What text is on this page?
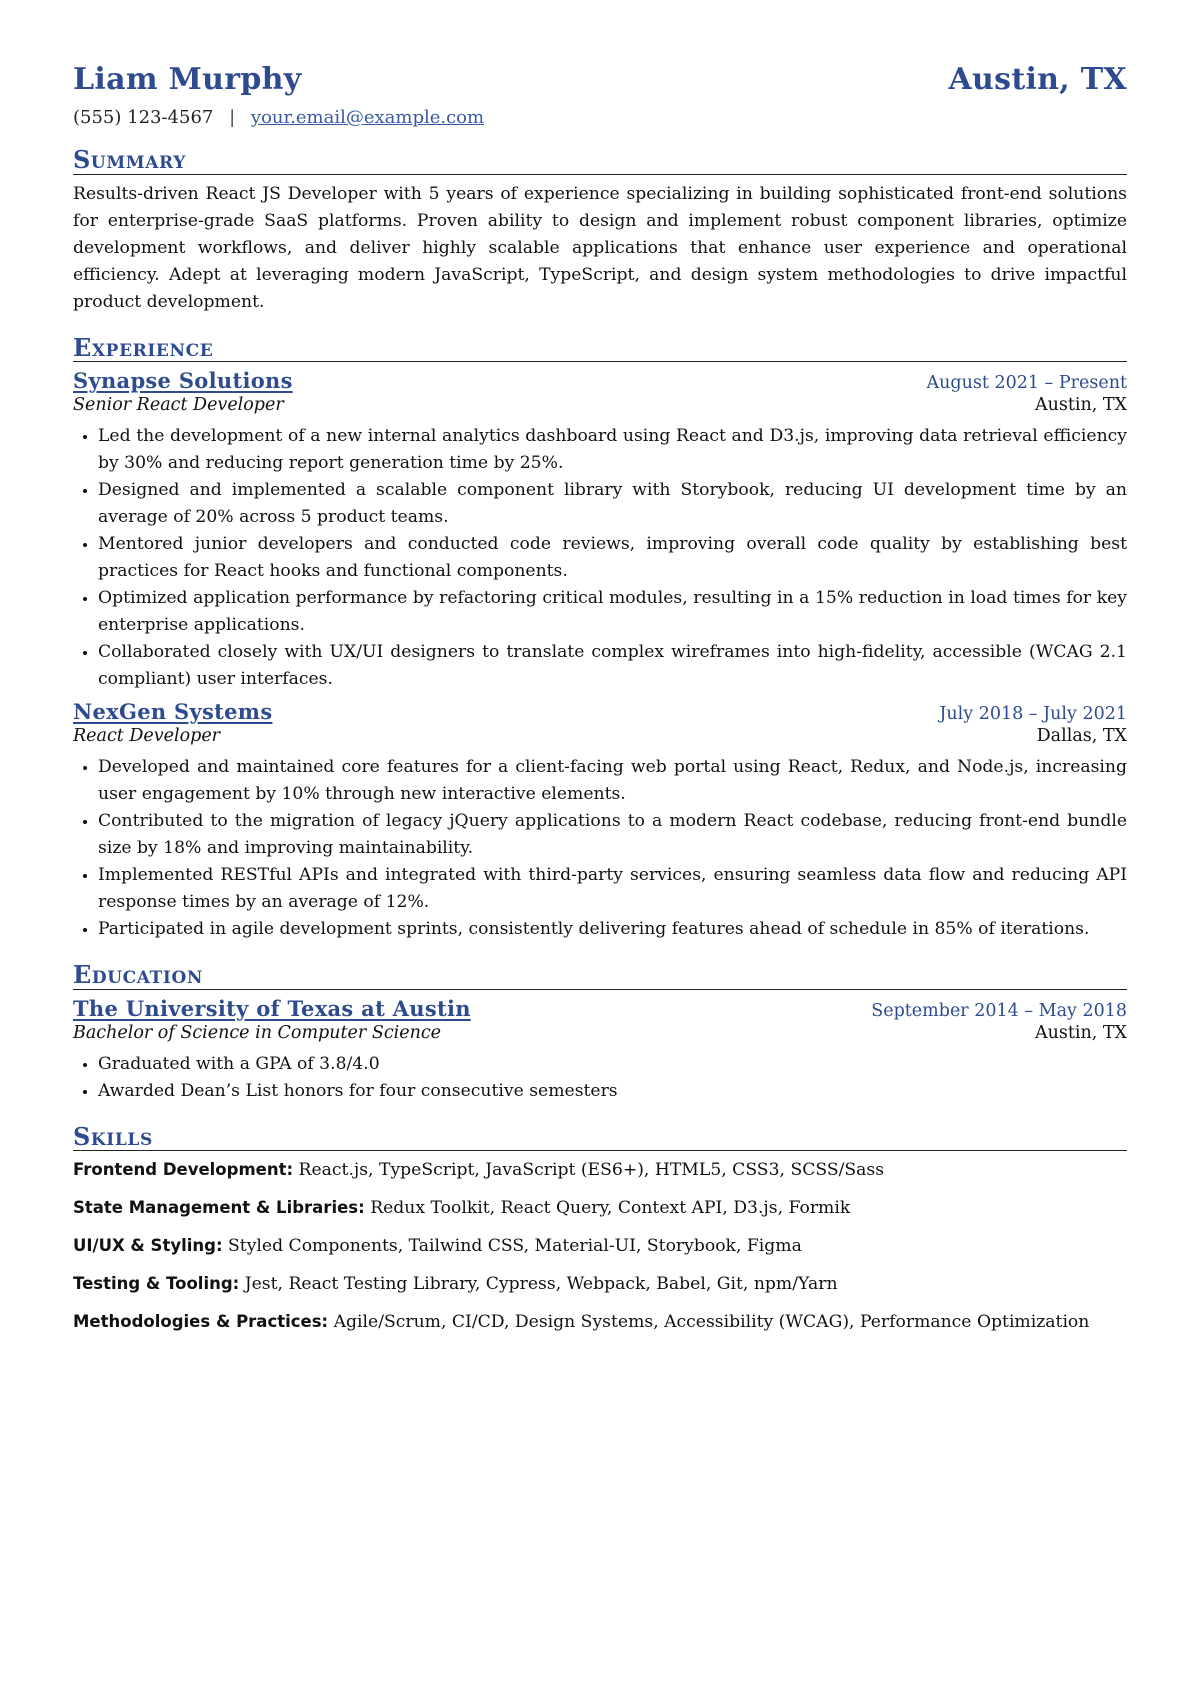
Liam Murphy	Austin, TX
(555) 123-4567 | your.email@example.com
Summary

Results-driven React JS Developer with 5 years of experience specializing in building sophisticated front-end solutions for enterprise-grade SaaS platforms. Proven ability to design and implement robust component libraries, optimize development workflows, and deliver highly scalable applications that enhance user experience and operational efficiency. Adept at leveraging modern JavaScript, TypeScript, and design system methodologies to drive impactful product development.

Experience
Synapse Solutions	August 2021 – Present
Senior React Developer	Austin, TX
• Led the development of a new internal analytics dashboard using React and D3.js, improving data retrieval efficiency by 30% and reducing report generation time by 25%.
• Designed and implemented a scalable component library with Storybook, reducing UI development time by an average of 20% across 5 product teams.
• Mentored junior developers and conducted code reviews, improving overall code quality by establishing best practices for React hooks and functional components.
• Optimized application performance by refactoring critical modules, resulting in a 15% reduction in load times for key enterprise applications.
• Collaborated closely with UX/UI designers to translate complex wireframes into high-fidelity, accessible (WCAG 2.1 compliant) user interfaces.
NexGen Systems	July 2018 – July 2021
React Developer	Dallas, TX
• Developed and maintained core features for a client-facing web portal using React, Redux, and Node.js, increasing user engagement by 10% through new interactive elements.
• Contributed to the migration of legacy jQuery applications to a modern React codebase, reducing front-end bundle size by 18% and improving maintainability.
• Implemented RESTful APIs and integrated with third-party services, ensuring seamless data flow and reducing API response times by an average of 12%.
• Participated in agile development sprints, consistently delivering features ahead of schedule in 85% of iterations.
Education
The University of Texas at Austin	September 2014 – May 2018
Bachelor of Science in Computer Science	Austin, TX
• Graduated with a GPA of 3.8/4.0
• Awarded Dean’s List honors for four consecutive semesters
Skills

Frontend Development: React.js, TypeScript, JavaScript (ES6+), HTML5, CSS3, SCSS/Sass

State Management & Libraries: Redux Toolkit, React Query, Context API, D3.js, Formik

UI/UX & Styling: Styled Components, Tailwind CSS, Material-UI, Storybook, Figma

Testing & Tooling: Jest, React Testing Library, Cypress, Webpack, Babel, Git, npm/Yarn

Methodologies & Practices: Agile/Scrum, CI/CD, Design Systems, Accessibility (WCAG), Performance Optimization
